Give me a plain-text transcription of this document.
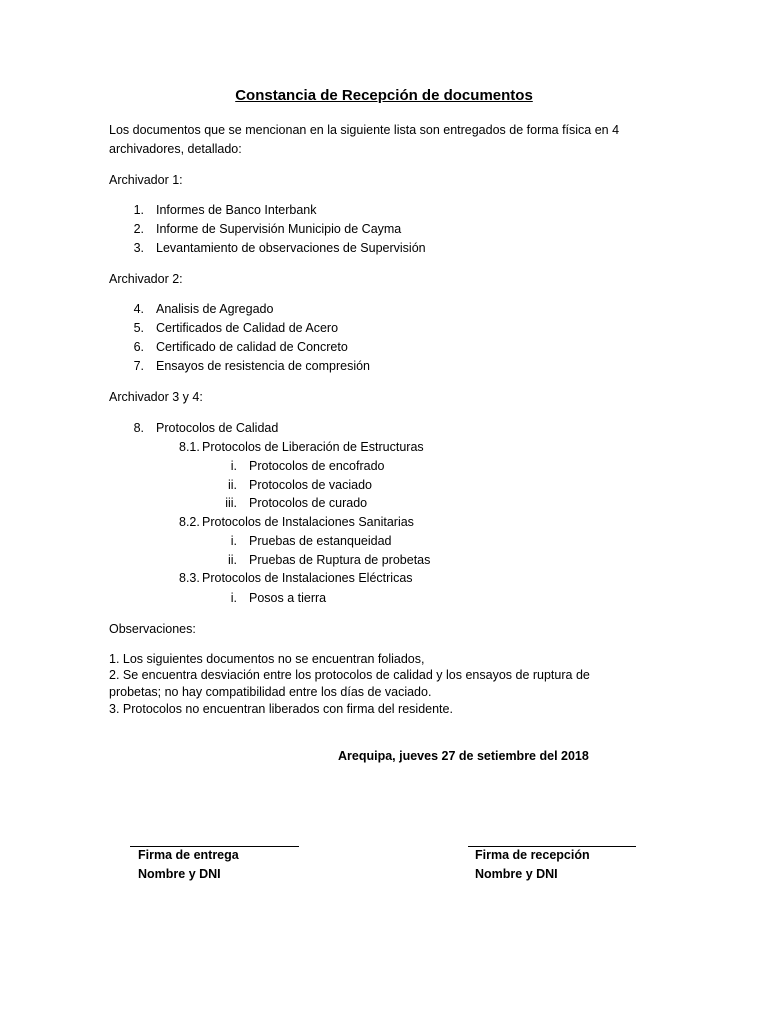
Constancia de Recepción de documentos
Los documentos que se mencionan en la siguiente lista son entregados de forma física en 4
archivadores, detallado:
Archivador 1:
1. Informes de Banco Interbank
2. Informe de Supervisión Municipio de Cayma
3. Levantamiento de observaciones de Supervisión
Archivador 2:
4. Analisis de Agregado
5. Certificados de Calidad de Acero
6. Certificado de calidad de Concreto
7. Ensayos de resistencia de compresión
Archivador 3 y 4:
8. Protocolos de Calidad
8.1. Protocolos de Liberación de Estructuras
i. Protocolos de encofrado
ii. Protocolos de vaciado
iii. Protocolos de curado
8.2. Protocolos de Instalaciones Sanitarias
i. Pruebas de estanqueidad
ii. Pruebas de Ruptura de probetas
8.3. Protocolos de Instalaciones Eléctricas
i. Posos a tierra
Observaciones:
1. Los siguientes documentos no se encuentran foliados,
2. Se encuentra desviación entre los protocolos de calidad y los ensayos de ruptura de
probetas; no hay compatibilidad entre los días de vaciado.
3. Protocolos no encuentran liberados con firma del residente.
Arequipa, jueves 27 de setiembre del 2018
Firma de entrega
Nombre y DNI
Firma de recepción
Nombre y DNI
